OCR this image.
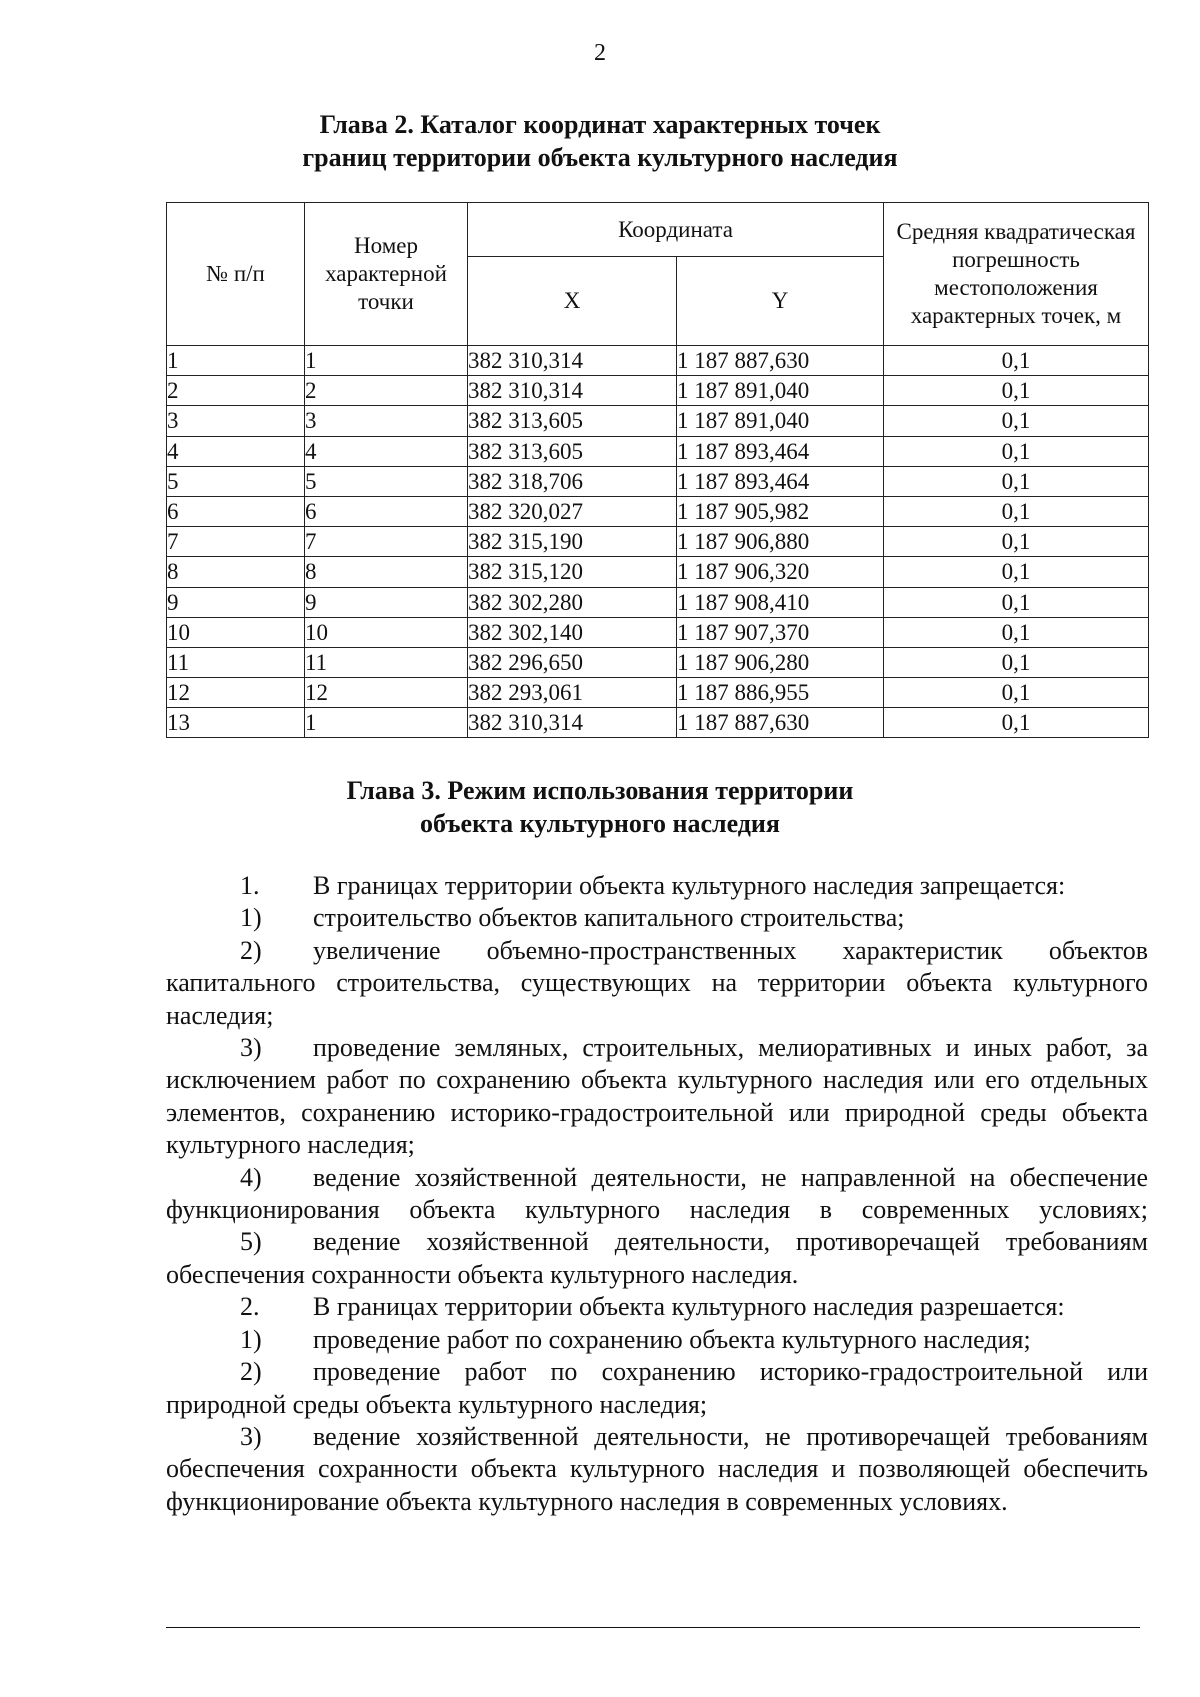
2
Глава 2. Каталог координат характерных точек
границ территории объекта культурного наследия
№ п/п	Номер характерной точки	Координата		Средняя квадратическая погрешность местоположения характерных точек, м
		X	Y	
1	1	382 310,314	1 187 887,630	0,1
2	2	382 310,314	1 187 891,040	0,1
3	3	382 313,605	1 187 891,040	0,1
4	4	382 313,605	1 187 893,464	0,1
5	5	382 318,706	1 187 893,464	0,1
6	6	382 320,027	1 187 905,982	0,1
7	7	382 315,190	1 187 906,880	0,1
8	8	382 315,120	1 187 906,320	0,1
9	9	382 302,280	1 187 908,410	0,1
10	10	382 302,140	1 187 907,370	0,1
11	11	382 296,650	1 187 906,280	0,1
12	12	382 293,061	1 187 886,955	0,1
13	1	382 310,314	1 187 887,630	0,1
Глава 3. Режим использования территории
объекта культурного наследия

1. В границах территории объекта культурного наследия запрещается:

1) строительство объектов капитального строительства;

2) увеличение объемно-пространственных характеристик объектов капитального строительства, существующих на территории объекта культурного наследия;

3) проведение земляных, строительных, мелиоративных и иных работ, за исключением работ по сохранению объекта культурного наследия или его отдельных элементов, сохранению историко-градостроительной или природной среды объекта культурного наследия;

4) ведение хозяйственной деятельности, не направленной на обеспечение функционирования объекта культурного наследия в современных условиях;

5) ведение хозяйственной деятельности, противоречащей требованиям обеспечения сохранности объекта культурного наследия.

2. В границах территории объекта культурного наследия разрешается:

1) проведение работ по сохранению объекта культурного наследия;

2) проведение работ по сохранению историко-градостроительной или природной среды объекта культурного наследия;

3) ведение хозяйственной деятельности, не противоречащей требованиям обеспечения сохранности объекта культурного наследия и позволяющей обеспечить функционирование объекта культурного наследия в современных условиях.
